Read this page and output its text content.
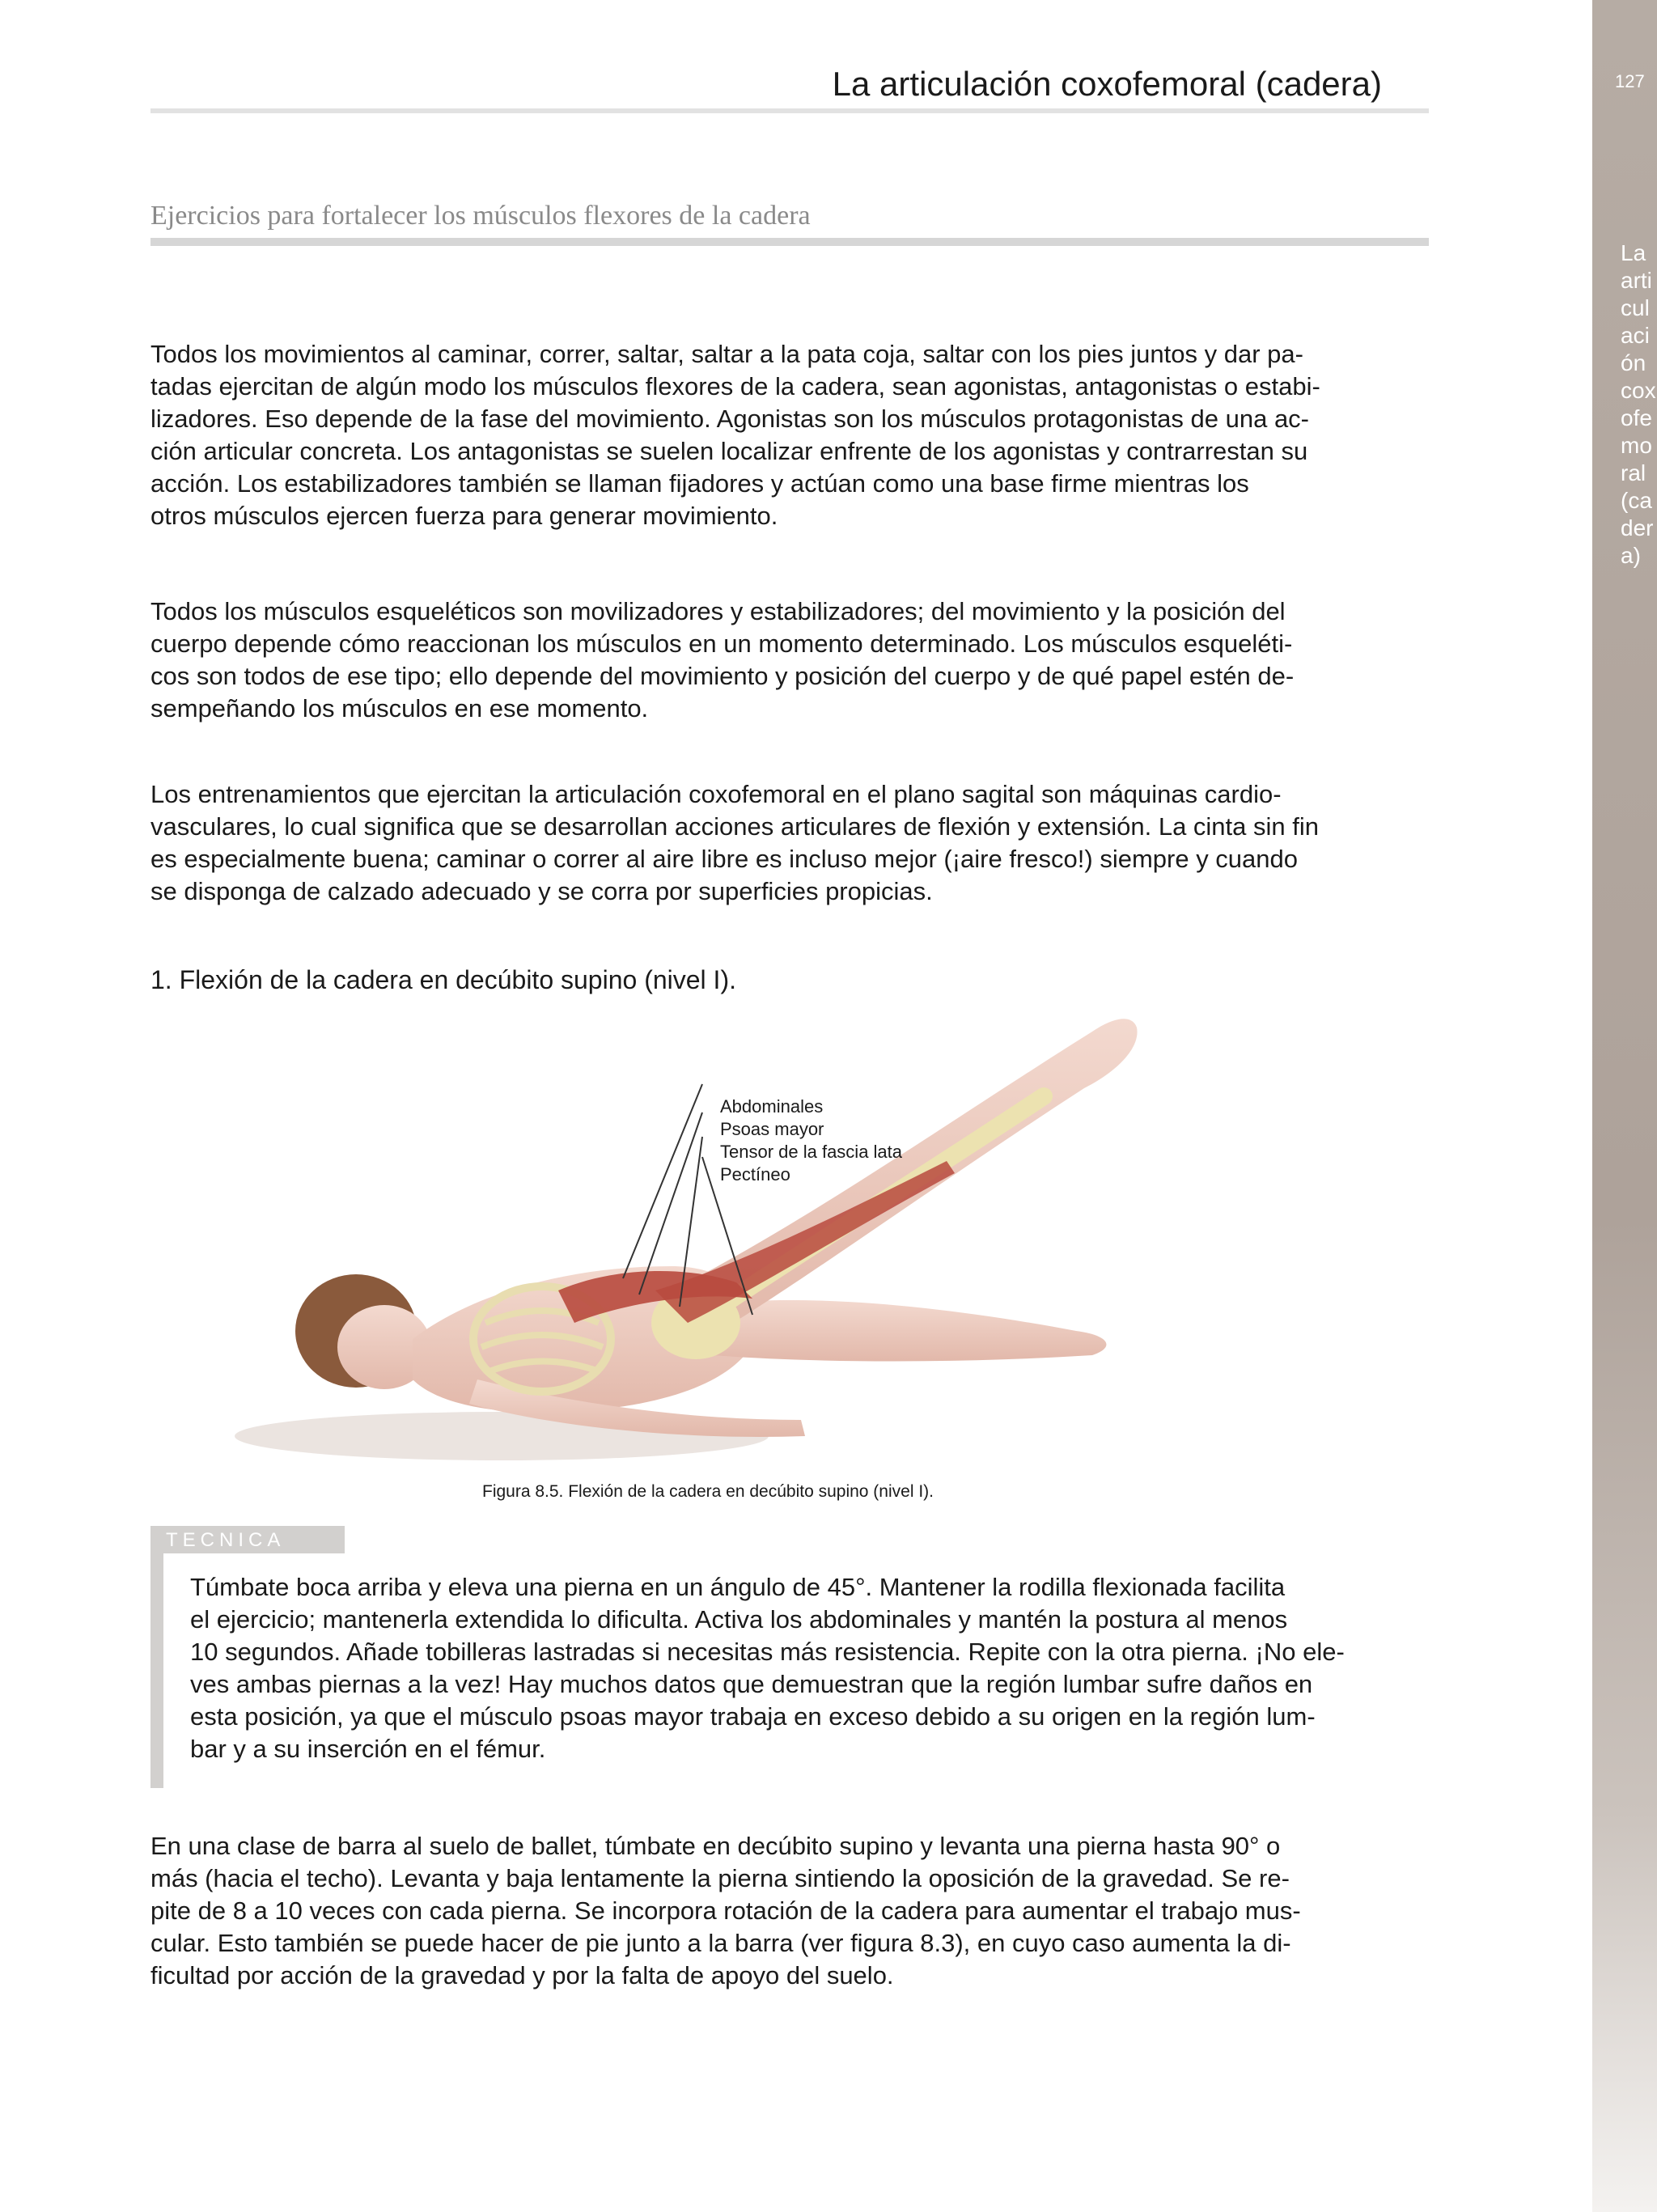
127
La articulación coxofemoral (cadera)
La articulación coxofemoral (cadera)
Ejercicios para fortalecer los músculos flexores de la cadera

Todos los movimientos al caminar, correr, saltar, saltar a la pata coja, saltar con los pies juntos y dar pa-
tadas ejercitan de algún modo los músculos flexores de la cadera, sean agonistas, antagonistas o estabi-
lizadores. Eso depende de la fase del movimiento. Agonistas son los músculos protagonistas de una ac-
ción articular concreta. Los antagonistas se suelen localizar enfrente de los agonistas y contrarrestan su
acción. Los estabilizadores también se llaman fijadores y actúan como una base firme mientras los
otros músculos ejercen fuerza para generar movimiento.

Todos los músculos esqueléticos son movilizadores y estabilizadores; del movimiento y la posición del
cuerpo depende cómo reaccionan los músculos en un momento determinado. Los músculos esqueléti-
cos son todos de ese tipo; ello depende del movimiento y posición del cuerpo y de qué papel estén de-
sempeñando los músculos en ese momento.

Los entrenamientos que ejercitan la articulación coxofemoral en el plano sagital son máquinas cardio-
vasculares, lo cual significa que se desarrollan acciones articulares de flexión y extensión. La cinta sin fin
es especialmente buena; caminar o correr al aire libre es incluso mejor (¡aire fresco!) siempre y cuando
se disponga de calzado adecuado y se corra por superficies propicias.

1. Flexión de la cadera en decúbito supino (nivel I).
Abdominales
Psoas mayor
Tensor de la fascia lata
Pectíneo
Figura 8.5. Flexión de la cadera en decúbito supino (nivel I).
TECNICA

Túmbate boca arriba y eleva una pierna en un ángulo de 45°. Mantener la rodilla flexionada facilita
el ejercicio; mantenerla extendida lo dificulta. Activa los abdominales y mantén la postura al menos
10 segundos. Añade tobilleras lastradas si necesitas más resistencia. Repite con la otra pierna. ¡No ele-
ves ambas piernas a la vez! Hay muchos datos que demuestran que la región lumbar sufre daños en
esta posición, ya que el músculo psoas mayor trabaja en exceso debido a su origen en la región lum-
bar y a su inserción en el fémur.

En una clase de barra al suelo de ballet, túmbate en decúbito supino y levanta una pierna hasta 90° o
más (hacia el techo). Levanta y baja lentamente la pierna sintiendo la oposición de la gravedad. Se re-
pite de 8 a 10 veces con cada pierna. Se incorpora rotación de la cadera para aumentar el trabajo mus-
cular. Esto también se puede hacer de pie junto a la barra (ver figura 8.3), en cuyo caso aumenta la di-
ficultad por acción de la gravedad y por la falta de apoyo del suelo.
